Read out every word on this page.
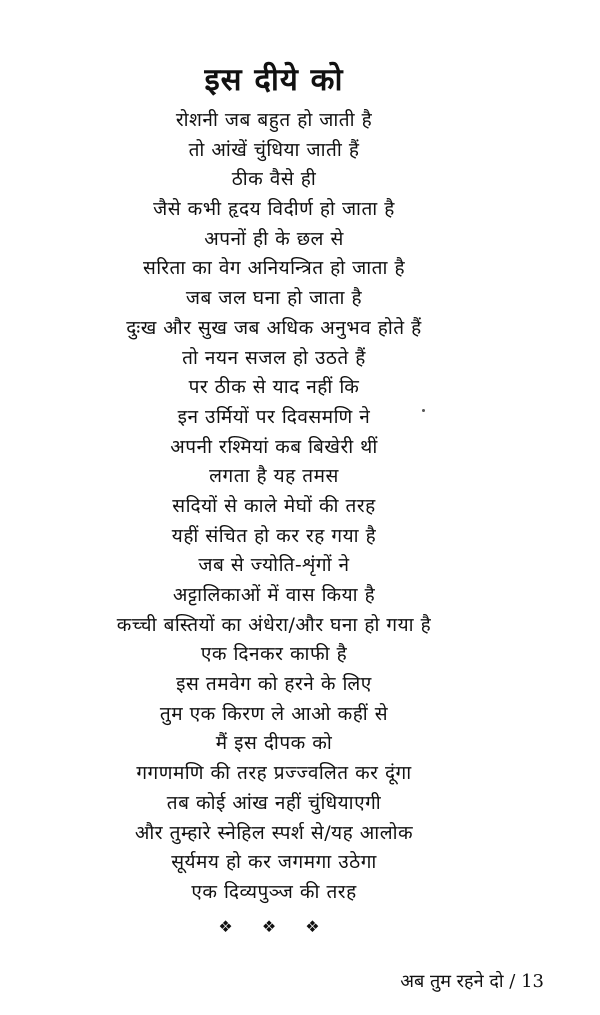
इस दीये को
रोशनी जब बहुत हो जाती है
तो आंखें चुंधिया जाती हैं
ठीक वैसे ही
जैसे कभी हृदय विदीर्ण हो जाता है
अपनों ही के छल से
सरिता का वेग अनियन्त्रित हो जाता है
जब जल घना हो जाता है
दुःख और सुख जब अधिक अनुभव होते हैं
तो नयन सजल हो उठते हैं
पर ठीक से याद नहीं कि
इन उर्मियों पर दिवसमणि ने
अपनी रश्मियां कब बिखेरी थीं
लगता है यह तमस
सदियों से काले मेघों की तरह
यहीं संचित हो कर रह गया है
जब से ज्योति-शृंगों ने
अट्टालिकाओं में वास किया है
कच्ची बस्तियों का अंधेरा/और घना हो गया है
एक दिनकर काफी है
इस तमवेग को हरने के लिए
तुम एक किरण ले आओ कहीं से
मैं इस दीपक को
गगणमणि की तरह प्रज्ज्वलित कर दूंगा
तब कोई आंख नहीं चुंधियाएगी
और तुम्हारे स्नेहिल स्पर्श से/यह आलोक
सूर्यमय हो कर जगमगा उठेगा
एक दिव्यपुञ्ज की तरह
❖ ❖ ❖
अब तुम रहने दो / 13
